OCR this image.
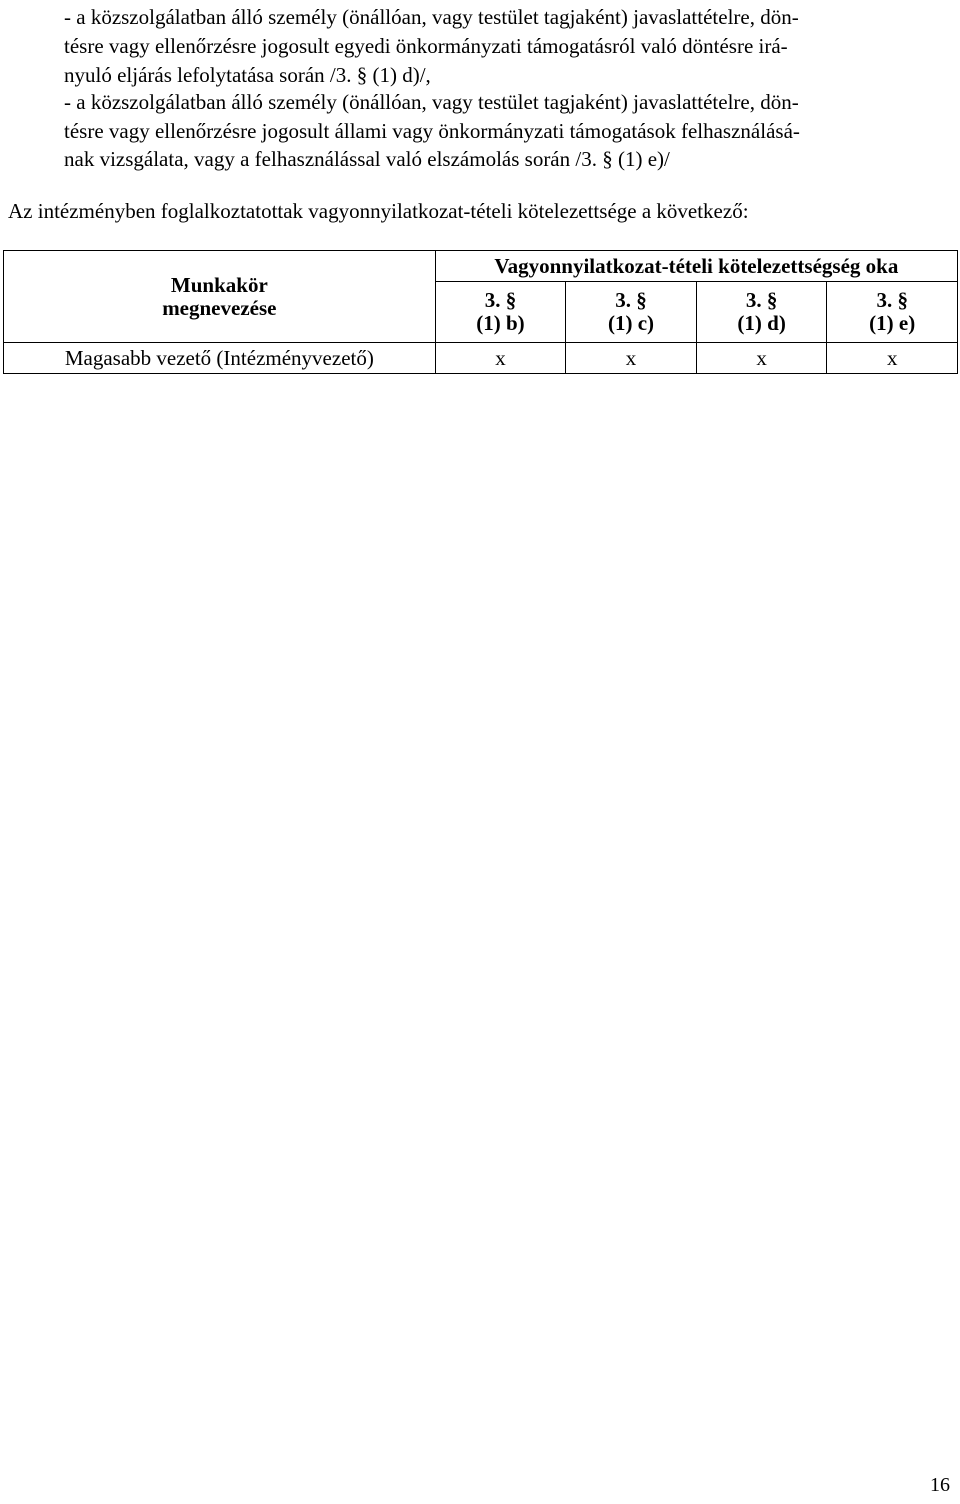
- a közszolgálatban álló személy (önállóan, vagy testület tagjaként) javaslattételre, dön-
tésre vagy ellenőrzésre jogosult egyedi önkormányzati támogatásról való döntésre irá-
nyuló eljárás lefolytatása során /3. § (1) d)/,
- a közszolgálatban álló személy (önállóan, vagy testület tagjaként) javaslattételre, dön-
tésre vagy ellenőrzésre jogosult állami vagy önkormányzati támogatások felhasználásá-
nak vizsgálata, vagy a felhasználással való elszámolás során /3. § (1) e)/
Az intézményben foglalkoztatottak vagyonnyilatkozat-tételi kötelezettsége a következő:
Munkakör
megnevezése	Vagyonnyilatkozat-tételi kötelezettségség oka			
	3. §
(1) b)	3. §
(1) c)	3. §
(1) d)	3. §
(1) e)
Magasabb vezető (Intézményvezető)	x	x	x	x
16
